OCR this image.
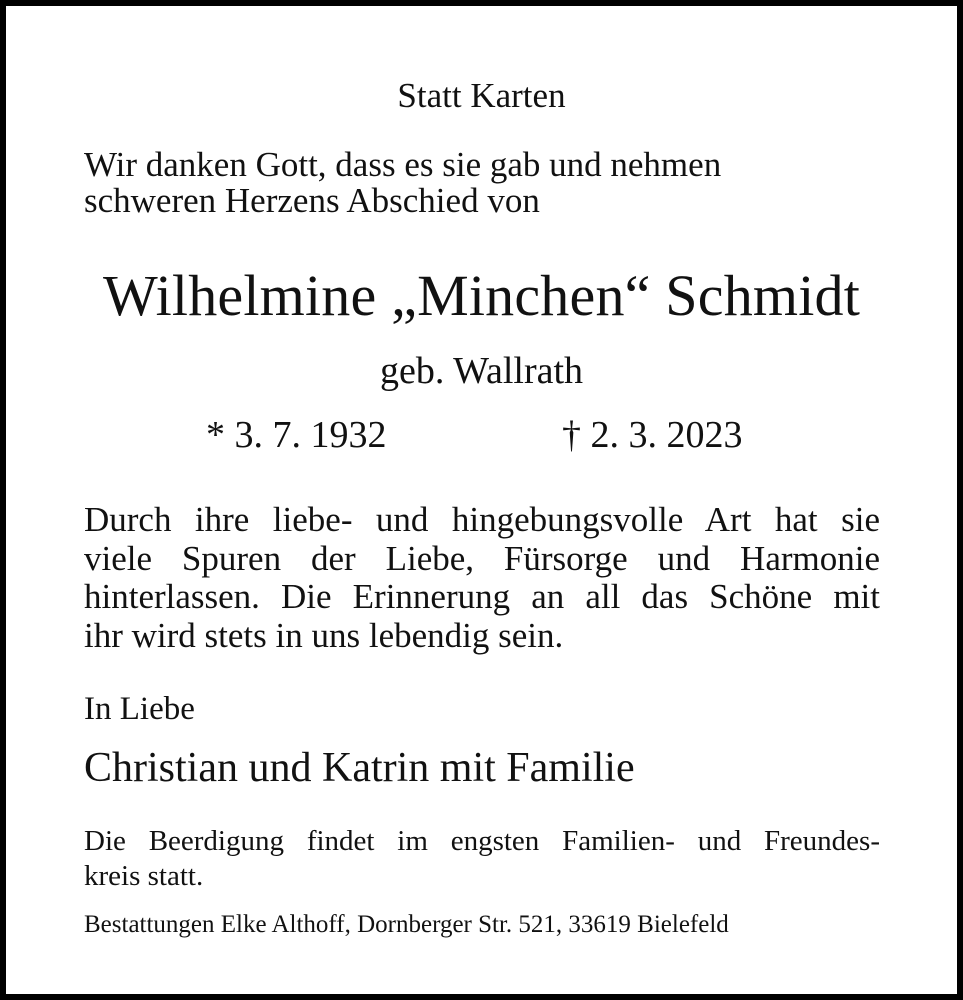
Statt Karten

Wir danken Gott, dass es sie gab und nehmen

schweren Herzens Abschied von

Wilhelmine „Minchen“ Schmidt

geb. Wallrath

* 3. 7. 1932	† 2. 3. 2023

Durch ihre liebe- und hingebungsvolle Art hat sie
viele Spuren der Liebe, Fürsorge und Harmonie
hinterlassen. Die Erinnerung an all das Schöne mit
ihr wird stets in uns lebendig sein.

In Liebe

Christian und Katrin mit Familie

Die Beerdigung findet im engsten Familien- und Freundes-
kreis statt.

Bestattungen Elke Althoff, Dornberger Str. 521, 33619 Bielefeld
